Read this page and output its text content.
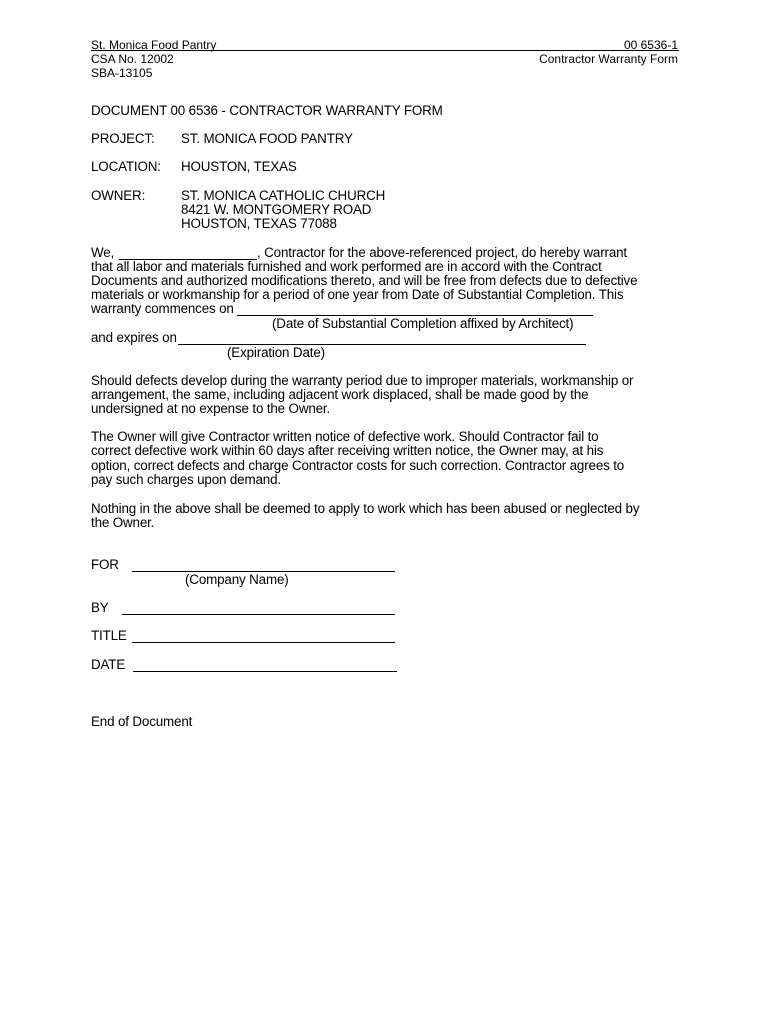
St. Monica Food Pantry
CSA No. 12002
SBA-13105
00 6536-1
Contractor Warranty Form
DOCUMENT 00 6536 - CONTRACTOR WARRANTY FORM
PROJECT: ST. MONICA FOOD PANTRY
LOCATION: HOUSTON, TEXAS
OWNER:	ST. MONICA CATHOLIC CHURCH
8421 W. MONTGOMERY ROAD
HOUSTON, TEXAS 77088
We,	, Contractor for the above-referenced project, do hereby warrant
that all labor and materials furnished and work performed are in accord with the Contract
Documents and authorized modifications thereto, and will be free from defects due to defective
materials or workmanship for a period of one year from Date of Substantial Completion. This
warranty commences on
(Date of Substantial Completion affixed by Architect)
and expires on
(Expiration Date)
Should defects develop during the warranty period due to improper materials, workmanship or
arrangement, the same, including adjacent work displaced, shall be made good by the
undersigned at no expense to the Owner.
The Owner will give Contractor written notice of defective work. Should Contractor fail to
correct defective work within 60 days after receiving written notice, the Owner may, at his
option, correct defects and charge Contractor costs for such correction. Contractor agrees to
pay such charges upon demand.
Nothing in the above shall be deemed to apply to work which has been abused or neglected by
the Owner.
FOR
(Company Name)
BY
TITLE
DATE
End of Document
